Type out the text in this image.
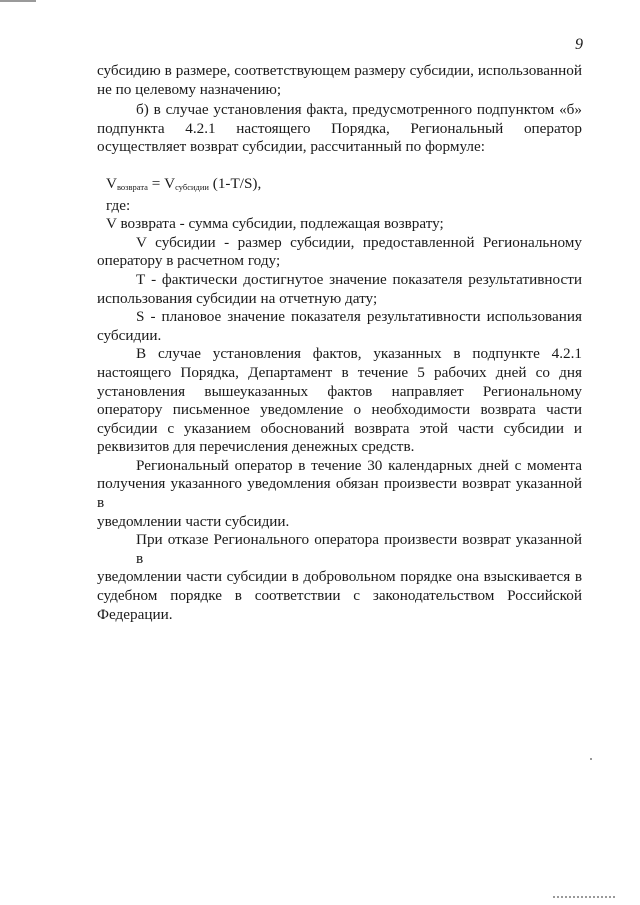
9
субсидию в размере, соответствующем размеру субсидии, использованной
не по целевому назначению;
б) в случае установления факта, предусмотренного подпунктом «б»
подпункта 4.2.1 настоящего Порядка, Региональный оператор
осуществляет возврат субсидии, рассчитанный по формуле:
$V_{возврата} = V_{субсидии}$ (1-T/S),
где:
V возврата - сумма субсидии, подлежащая возврату;
V субсидии - размер субсидии, предоставленной Региональному
оператору в расчетном году;
Т - фактически достигнутое значение показателя результативности
использования субсидии на отчетную дату;
S - плановое значение показателя результативности использования
субсидии.
В случае установления фактов, указанных в подпункте 4.2.1
настоящего Порядка, Департамент в течение 5 рабочих дней со дня
установления вышеуказанных фактов направляет Региональному
оператору письменное уведомление о необходимости возврата части
субсидии с указанием обоснований возврата этой части субсидии и
реквизитов для перечисления денежных средств.
Региональный оператор в течение 30 календарных дней с момента
получения указанного уведомления обязан произвести возврат указанной в
уведомлении части субсидии.
При отказе Регионального оператора произвести возврат указанной в
уведомлении части субсидии в добровольном порядке она взыскивается в
судебном порядке в соответствии с законодательством Российской
Федерации.
